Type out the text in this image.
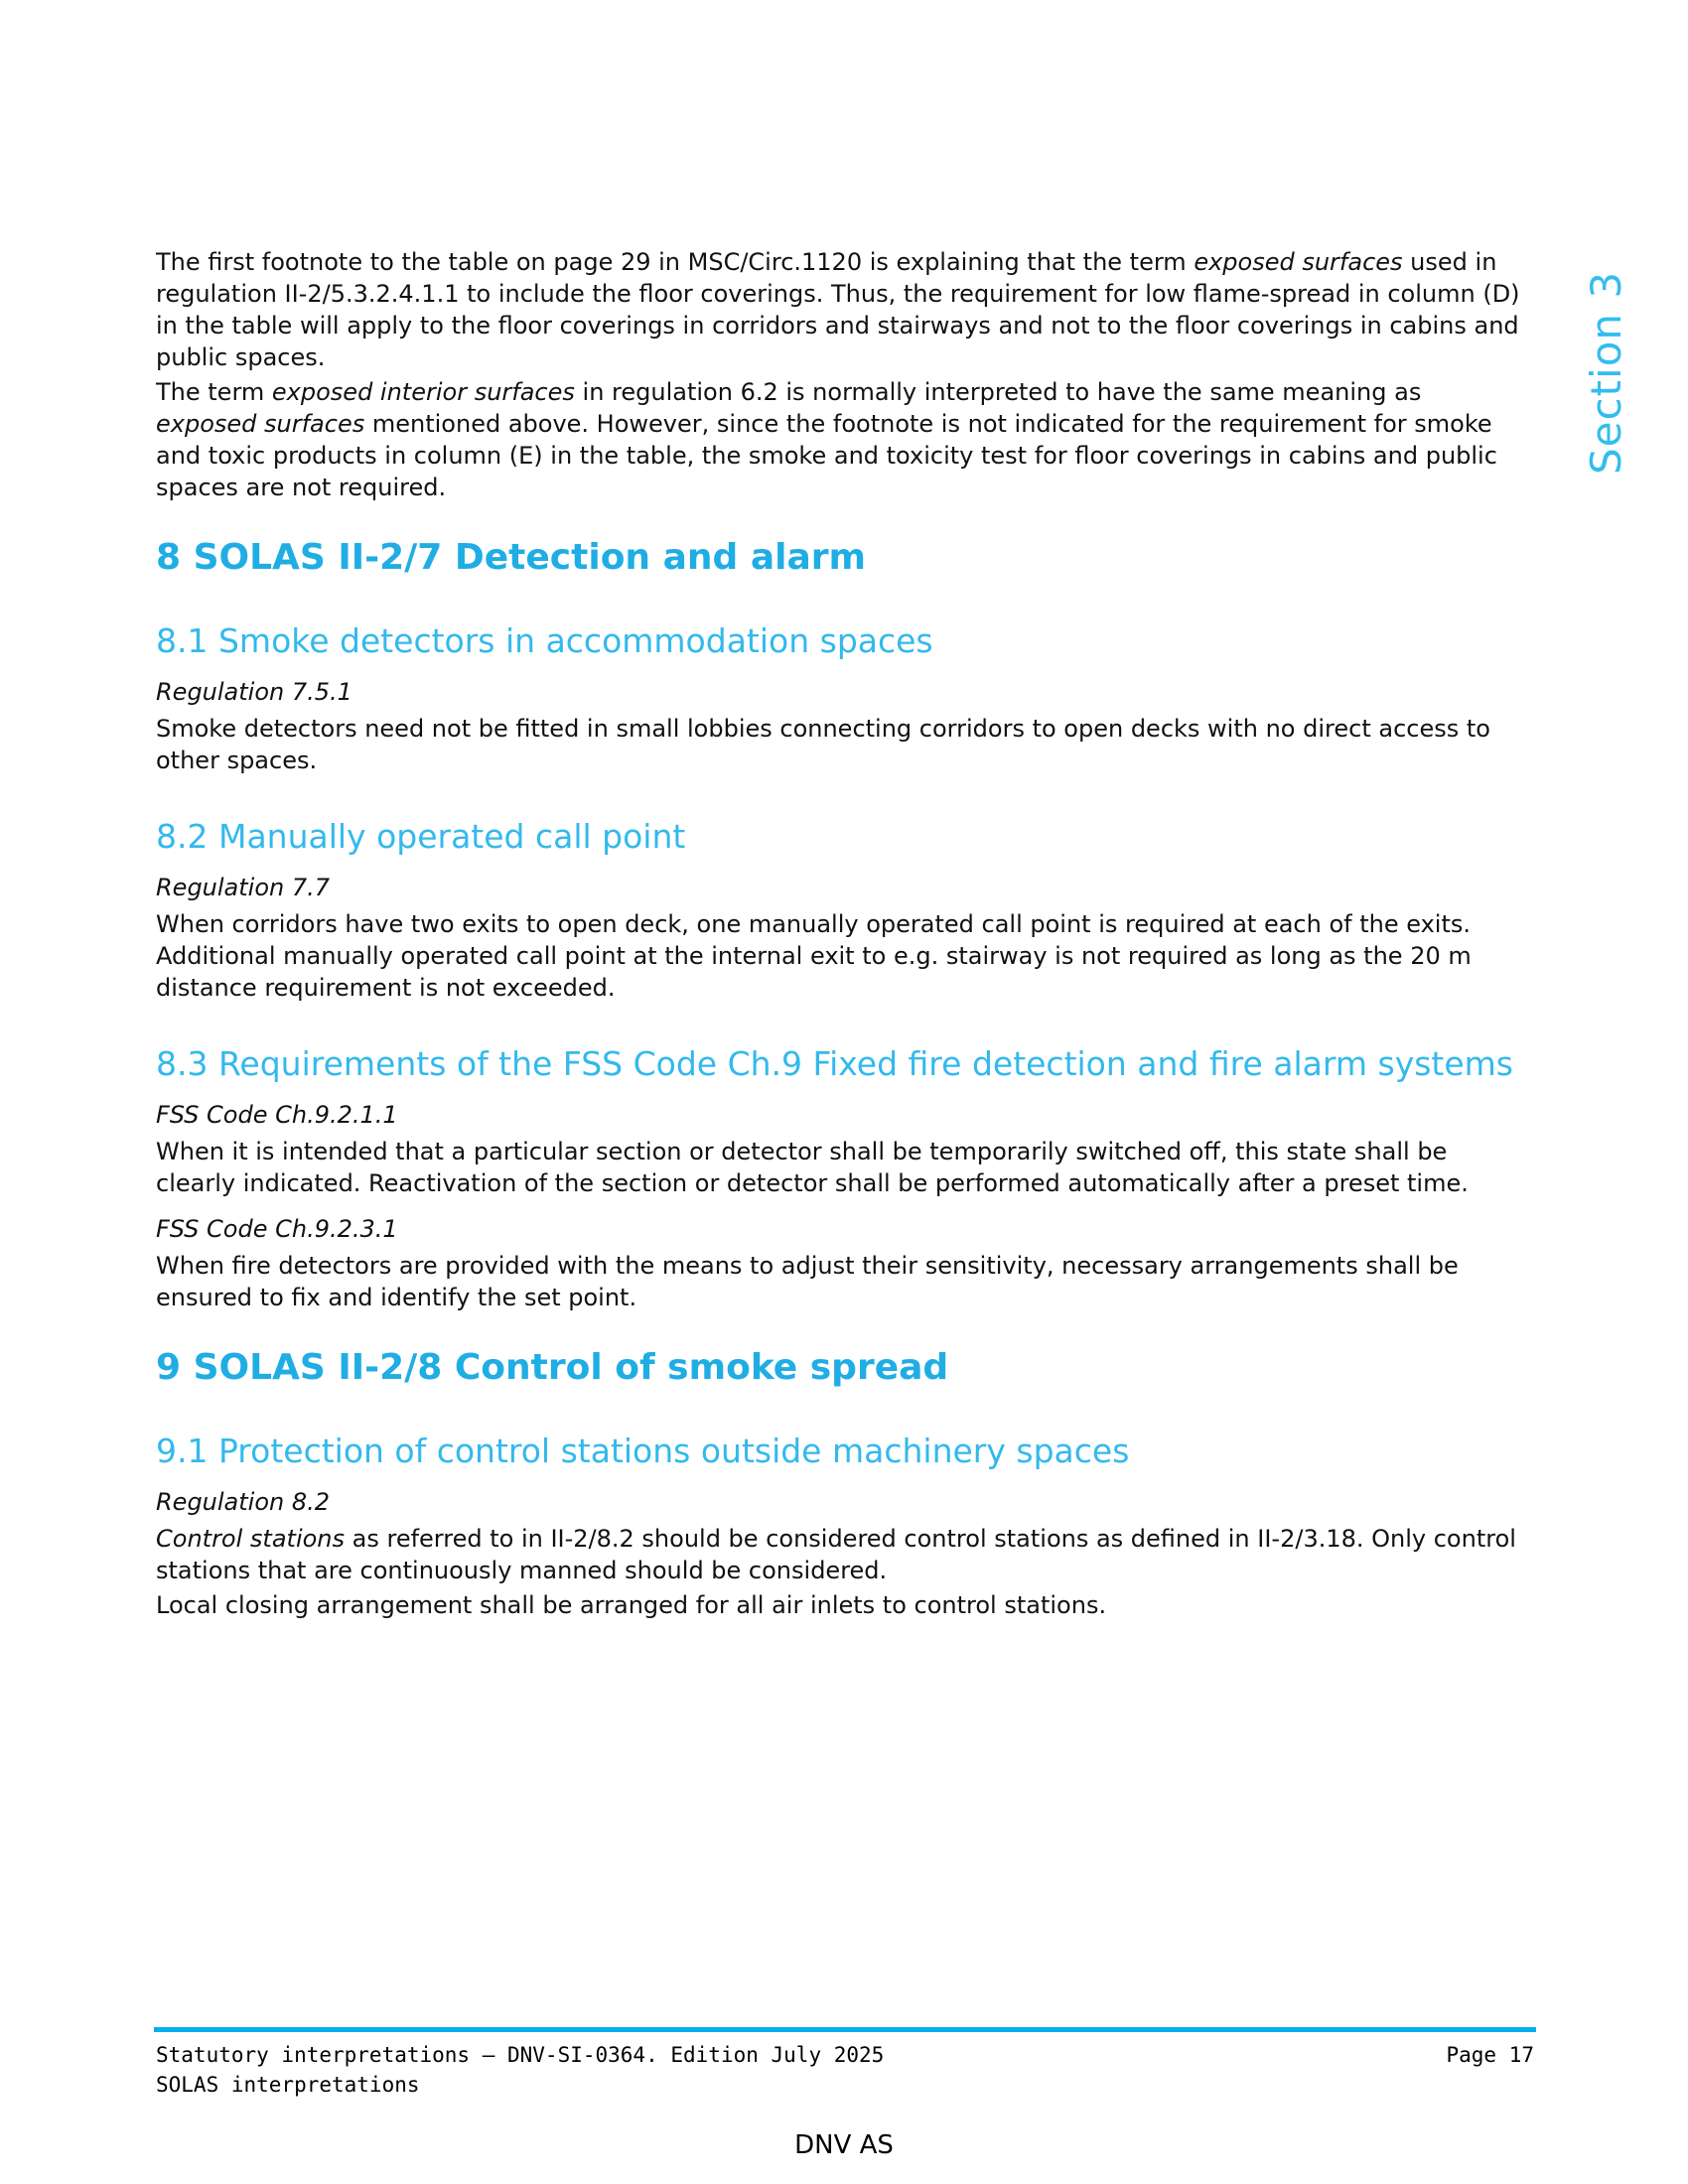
The first footnote to the table on page 29 in MSC/Circ.1120 is explaining that the term exposed surfaces used in regulation II-2/5.3.2.4.1.1 to include the floor coverings. Thus, the requirement for low flame-spread in column (D) in the table will apply to the floor coverings in corridors and stairways and not to the floor coverings in cabins and public spaces.
The term exposed interior surfaces in regulation 6.2 is normally interpreted to have the same meaning as exposed surfaces mentioned above. However, since the footnote is not indicated for the requirement for smoke and toxic products in column (E) in the table, the smoke and toxicity test for floor coverings in cabins and public spaces are not required.
8 SOLAS II-2/7 Detection and alarm
8.1 Smoke detectors in accommodation spaces
Regulation 7.5.1
Smoke detectors need not be fitted in small lobbies connecting corridors to open decks with no direct access to other spaces.
8.2 Manually operated call point
Regulation 7.7
When corridors have two exits to open deck, one manually operated call point is required at each of the exits. Additional manually operated call point at the internal exit to e.g. stairway is not required as long as the 20 m distance requirement is not exceeded.
8.3 Requirements of the FSS Code Ch.9 Fixed fire detection and fire alarm systems
FSS Code Ch.9.2.1.1
When it is intended that a particular section or detector shall be temporarily switched off, this state shall be clearly indicated. Reactivation of the section or detector shall be performed automatically after a preset time.
FSS Code Ch.9.2.3.1
When fire detectors are provided with the means to adjust their sensitivity, necessary arrangements shall be ensured to fix and identify the set point.
9 SOLAS II-2/8 Control of smoke spread
9.1 Protection of control stations outside machinery spaces
Regulation 8.2
Control stations as referred to in II-2/8.2 should be considered control stations as defined in II-2/3.18. Only control stations that are continuously manned should be considered.
Local closing arrangement shall be arranged for all air inlets to control stations.
Section 3
Statutory interpretations — DNV-SI-0364. Edition July 2025
SOLAS interpretations
Page 17
DNV AS
